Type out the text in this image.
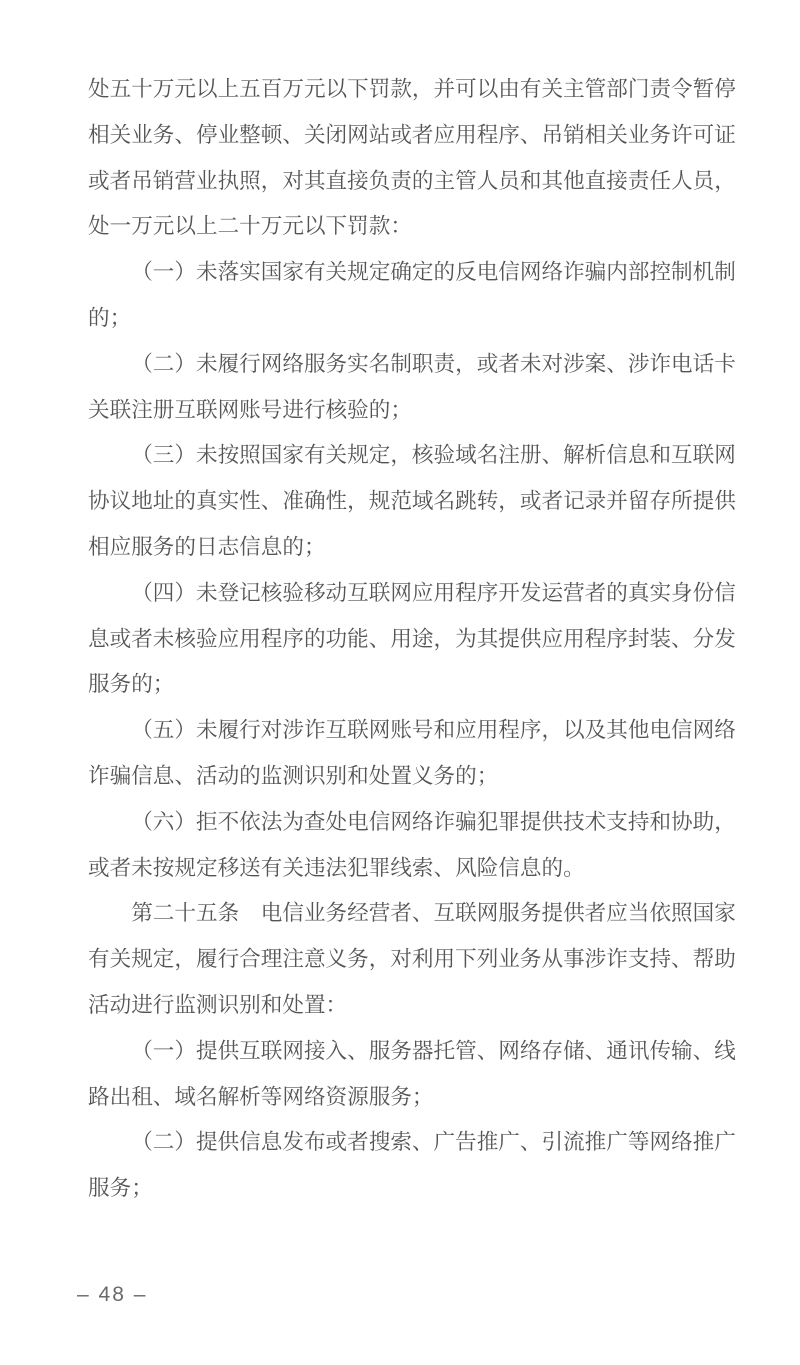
处五十万元以上五百万元以下罚款，并可以由有关主管部门责令暂停
相关业务、停业整顿、关闭网站或者应用程序、吊销相关业务许可证
或者吊销营业执照，对其直接负责的主管人员和其他直接责任人员，
处一万元以上二十万元以下罚款：
（一）未落实国家有关规定确定的反电信网络诈骗内部控制机制
的；
（二）未履行网络服务实名制职责，或者未对涉案、涉诈电话卡
关联注册互联网账号进行核验的；
（三）未按照国家有关规定，核验域名注册、解析信息和互联网
协议地址的真实性、准确性，规范域名跳转，或者记录并留存所提供
相应服务的日志信息的；
（四）未登记核验移动互联网应用程序开发运营者的真实身份信
息或者未核验应用程序的功能、用途，为其提供应用程序封装、分发
服务的；
（五）未履行对涉诈互联网账号和应用程序，以及其他电信网络
诈骗信息、活动的监测识别和处置义务的；
（六）拒不依法为查处电信网络诈骗犯罪提供技术支持和协助，
或者未按规定移送有关违法犯罪线索、风险信息的。
第二十五条　电信业务经营者、互联网服务提供者应当依照国家
有关规定，履行合理注意义务，对利用下列业务从事涉诈支持、帮助
活动进行监测识别和处置：
（一）提供互联网接入、服务器托管、网络存储、通讯传输、线
路出租、域名解析等网络资源服务；
（二）提供信息发布或者搜索、广告推广、引流推广等网络推广
服务；
– 48 –
